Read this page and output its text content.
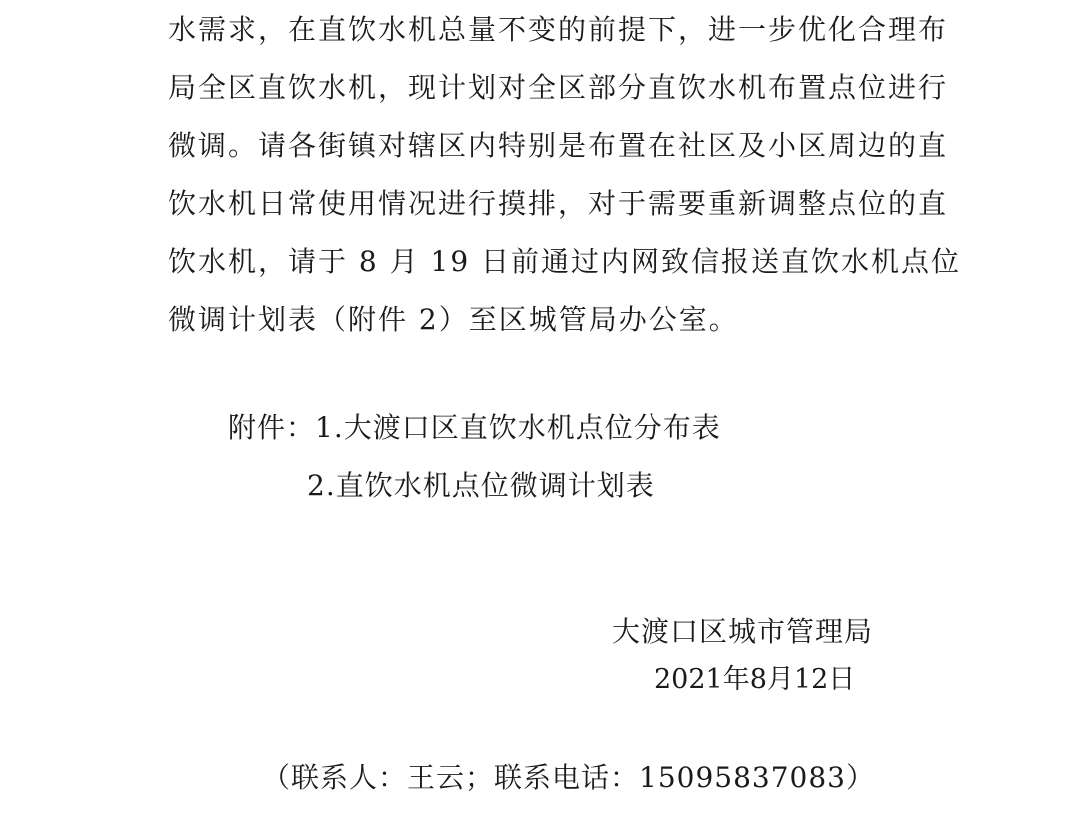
水需求，在直饮水机总量不变的前提下，进一步优化合理布
局全区直饮水机，现计划对全区部分直饮水机布置点位进行
微调。请各街镇对辖区内特别是布置在社区及小区周边的直
饮水机日常使用情况进行摸排，对于需要重新调整点位的直
饮水机，请于 8 月 19 日前通过内网致信报送直饮水机点位
微调计划表（附件 2）至区城管局办公室。
附件：1.大渡口区直饮水机点位分布表
2.直饮水机点位微调计划表
大渡口区城市管理局
2021年8月12日
（联系人：王云；联系电话：15095837083）
